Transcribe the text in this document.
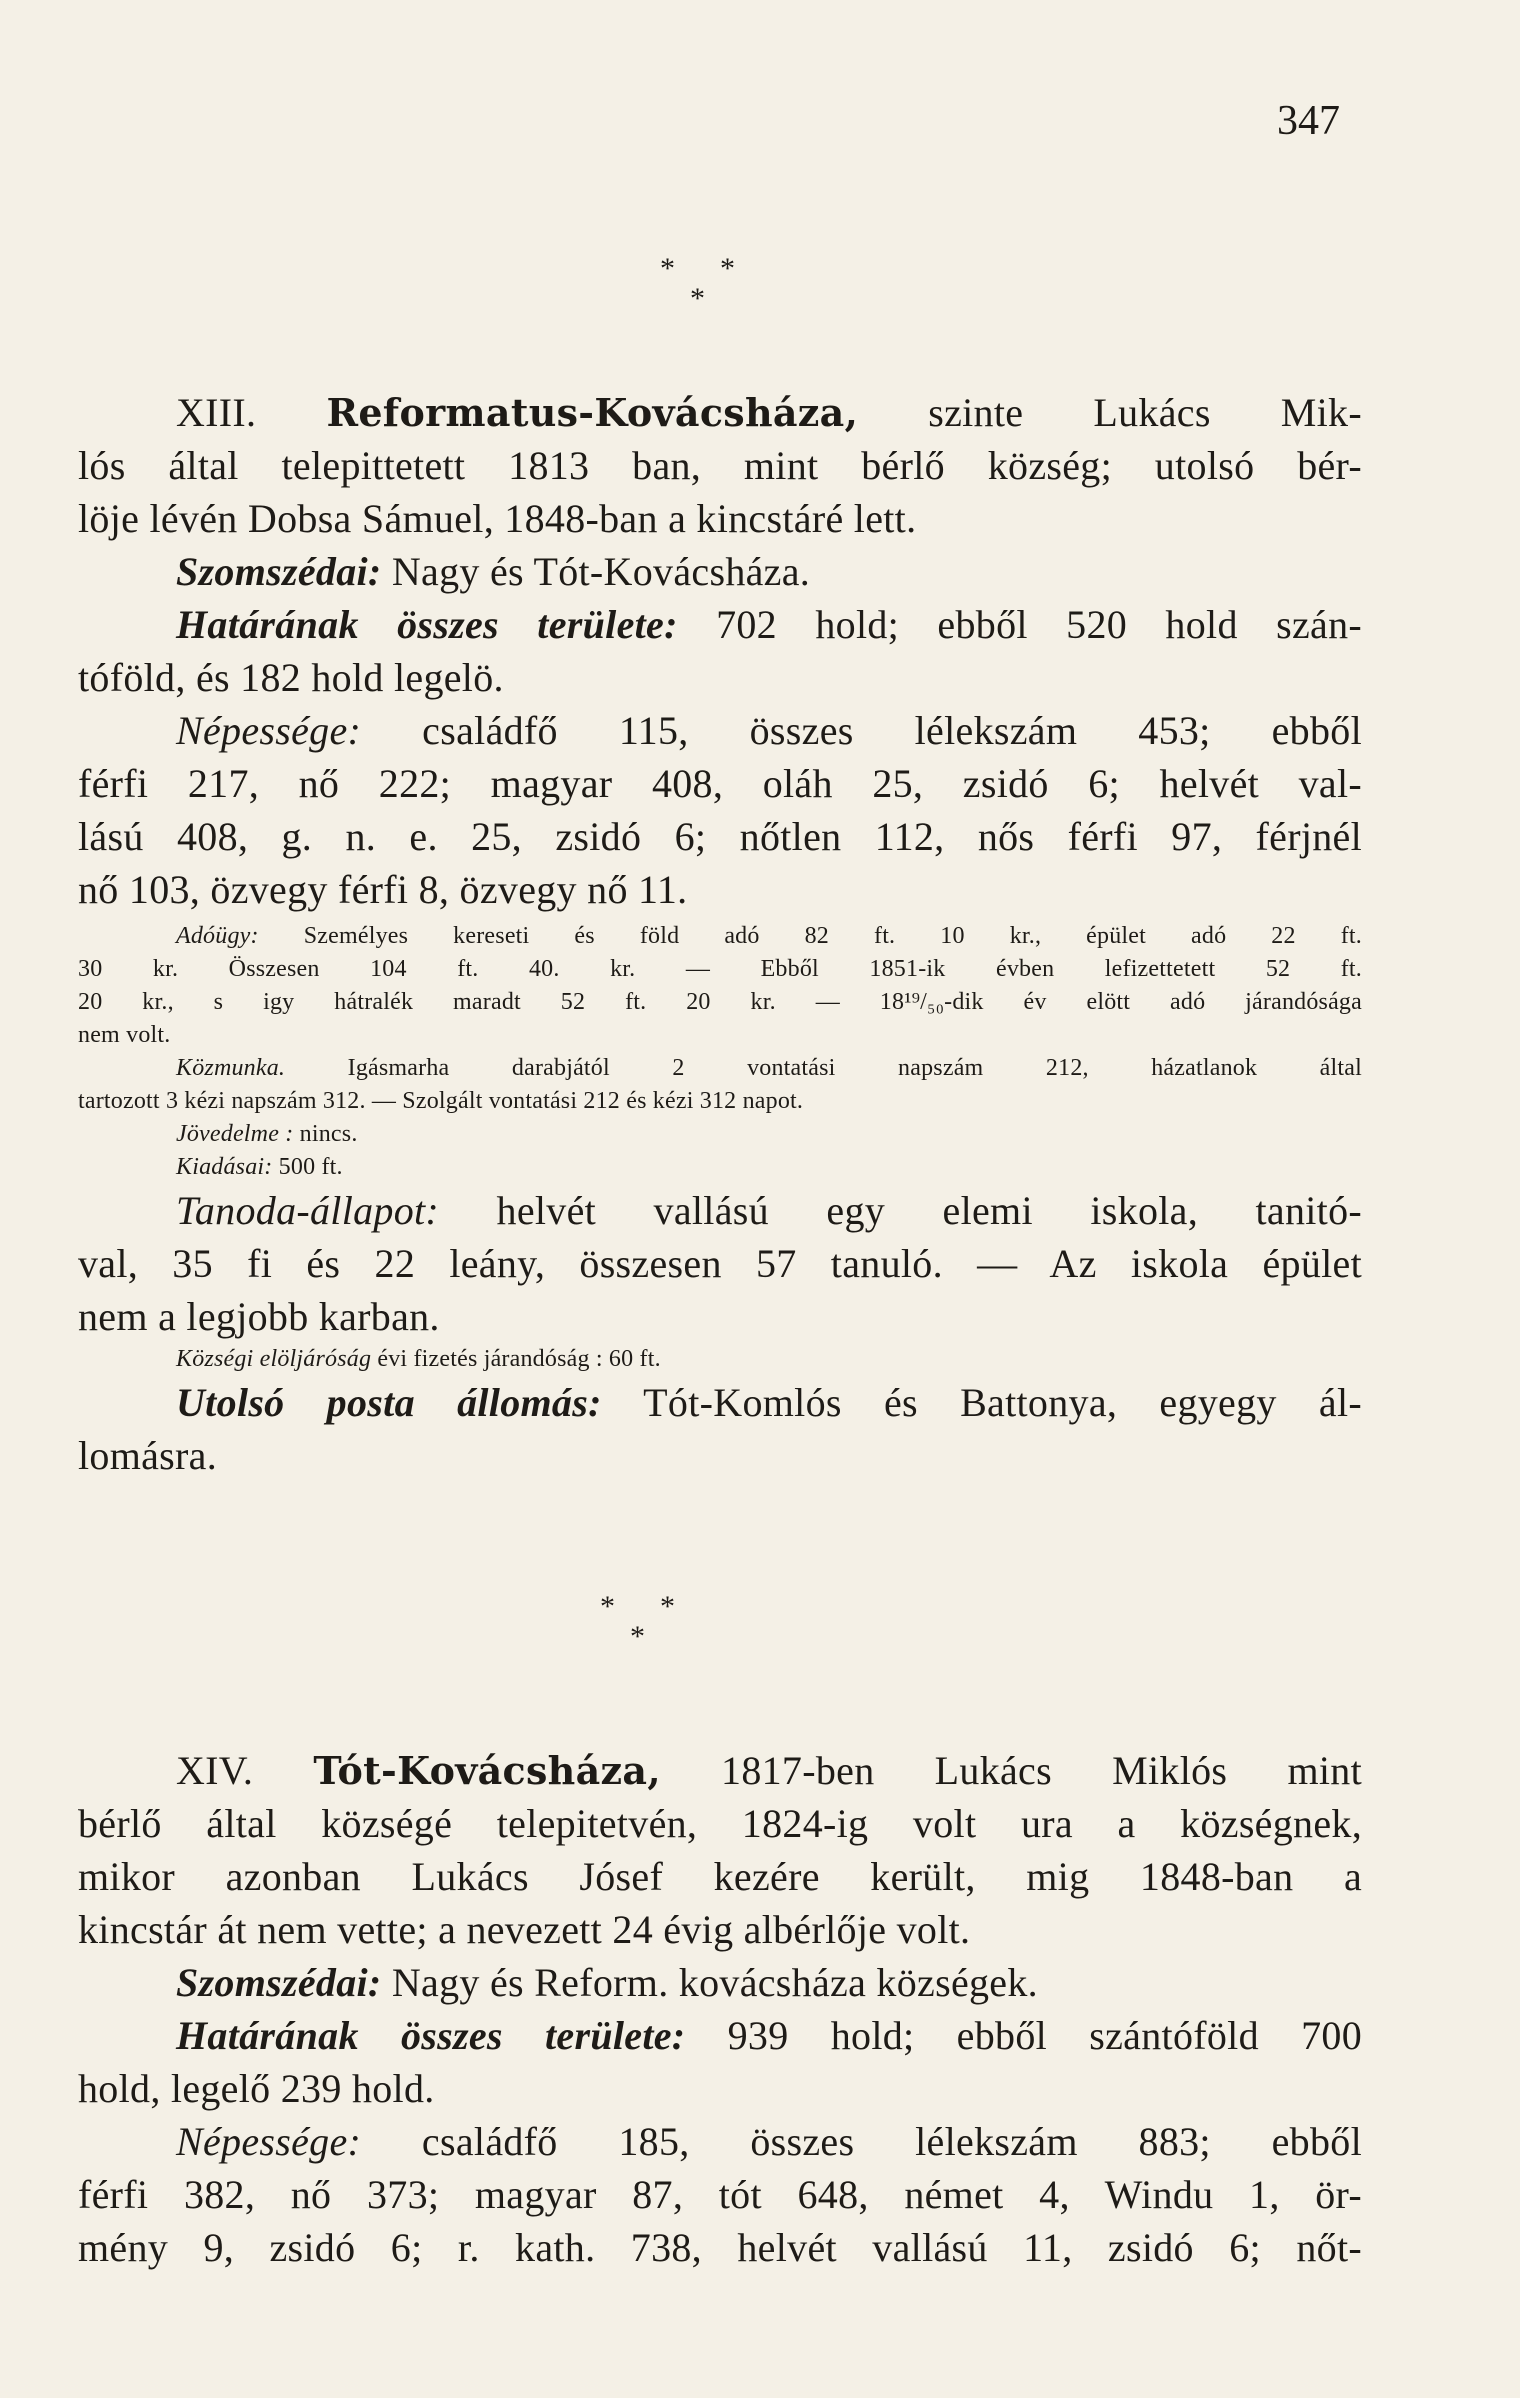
347
* *
*
XIII. Reformatus-Kovácsháza, szinte Lukács Mik-
lós által telepittetett 1813 ban, mint bérlő község; utolsó bér-
löje lévén Dobsa Sámuel, 1848-ban a kincstáré lett.
Szomszédai: Nagy és Tót-Kovácsháza.
Határának összes területe: 702 hold; ebből 520 hold szán-
tóföld, és 182 hold legelö.
Népessége: családfő 115, összes lélekszám 453; ebből
férfi 217, nő 222; magyar 408, oláh 25, zsidó 6; helvét val-
lású 408, g. n. e. 25, zsidó 6; nőtlen 112, nős férfi 97, férjnél
nő 103, özvegy férfi 8, özvegy nő 11.
Adóügy: Személyes kereseti és föld adó 82 ft. 10 kr., épület adó 22 ft.
30 kr. Összesen 104 ft. 40. kr. — Ebből 1851-ik évben lefizettetett 52 ft.
20 kr., s igy hátralék maradt 52 ft. 20 kr. — 18¹⁹/₅₀-dik év elött adó járandósága
nem volt.
Közmunka. Igásmarha darabjától 2 vontatási napszám 212, házatlanok által
tartozott 3 kézi napszám 312. — Szolgált vontatási 212 és kézi 312 napot.
Jövedelme : nincs.
Kiadásai: 500 ft.
Tanoda-állapot: helvét vallású egy elemi iskola, tanitó-
val, 35 fi és 22 leány, összesen 57 tanuló. — Az iskola épület
nem a legjobb karban.
Községi elöljáróság évi fizetés járandóság : 60 ft.
Utolsó posta állomás: Tót-Komlós és Battonya, egyegy ál-
lomásra.
* *
*
XIV. Tót-Kovácsháza, 1817-ben Lukács Miklós mint
bérlő által községé telepitetvén, 1824-ig volt ura a községnek,
mikor azonban Lukács Jósef kezére került, mig 1848-ban a
kincstár át nem vette; a nevezett 24 évig albérlője volt.
Szomszédai: Nagy és Reform. kovácsháza községek.
Határának összes területe: 939 hold; ebből szántóföld 700
hold, legelő 239 hold.
Népessége: családfő 185, összes lélekszám 883; ebből
férfi 382, nő 373; magyar 87, tót 648, német 4, Windu 1, ör-
mény 9, zsidó 6; r. kath. 738, helvét vallású 11, zsidó 6; nőt-
